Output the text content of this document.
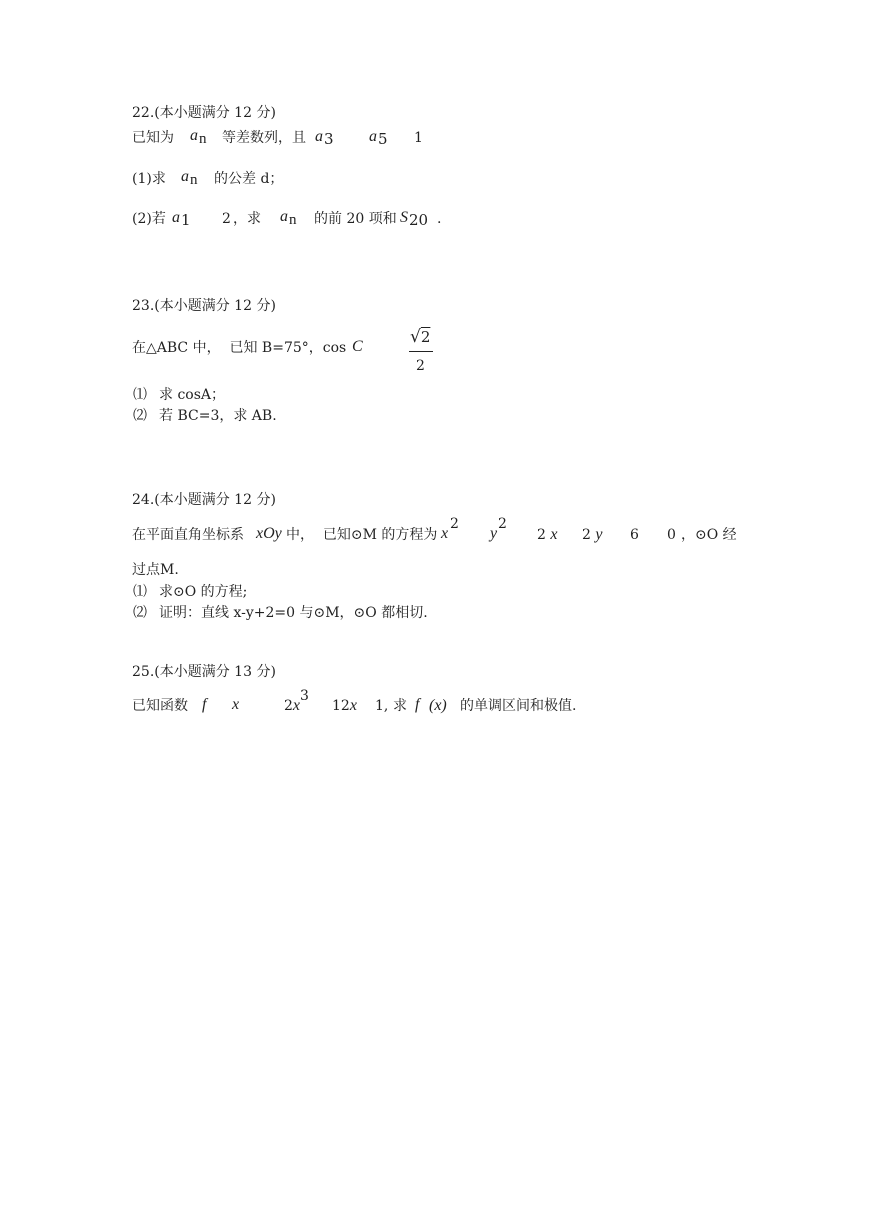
22.(本小题满分 12 分)
已知为 an 等差数列，且 a3 a5 1
(1)求 an 的公差 d；
(2)若 a1 2 ，求 an 的前 20 项和 S20 .
23.(本小题满分 12 分)
在△ABC 中，  已知 B=75°，cos C	√2
2
⑴ 求 cosA；
⑵ 若 BC=3，求 AB.
24.(本小题满分 12 分)
在平面直角坐标系 xOy 中，  已知⊙M 的方程为 x
2
y
2
2 x 2 y 6 0 ，⊙O 经
过点M.
⑴ 求⊙O 的方程;
⑵ 证明：直线 x-y+2=0 与⊙M，⊙O 都相切.
25.(本小题满分 13 分)
已知函数 f x	2x
3
12x 1, 求 f (x) 的单调区间和极值.
